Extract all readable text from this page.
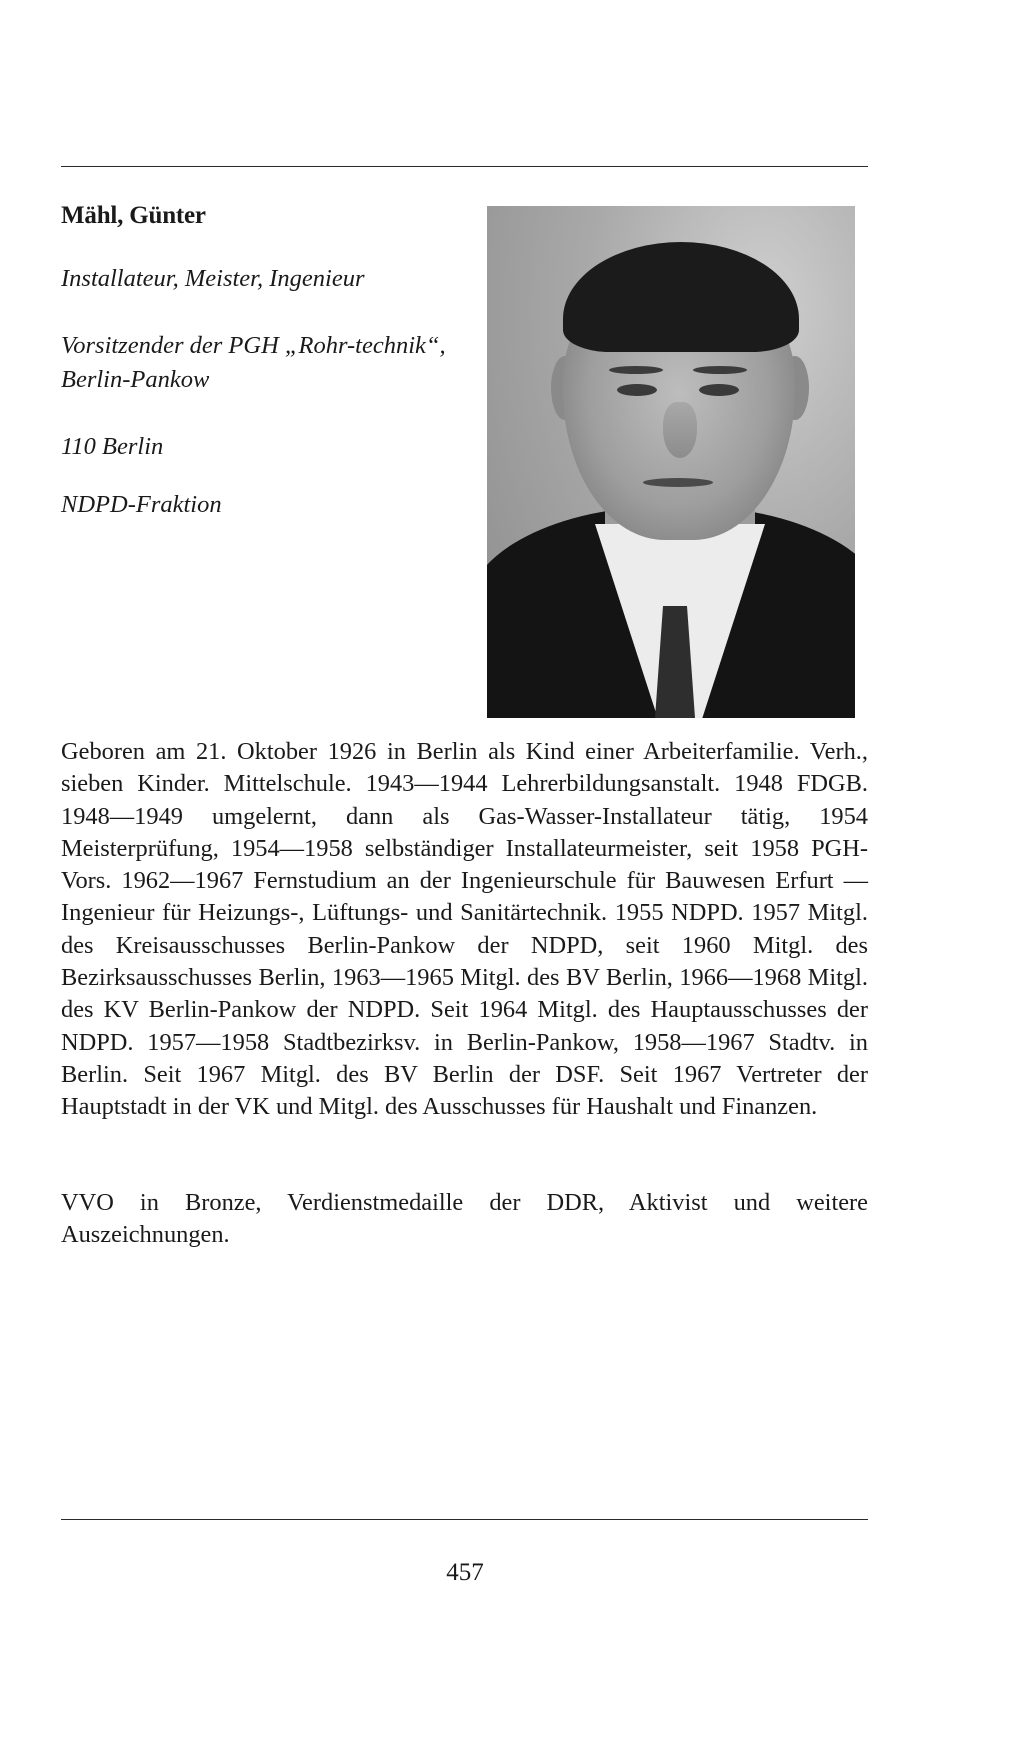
Mähl, Günter
Installateur, Meister, Ingenieur
Vorsitzender der PGH „Rohr-technik“, Berlin-Pankow
110 Berlin
NDPD-Fraktion

Geboren am 21. Oktober 1926 in Berlin als Kind einer Arbeiterfamilie. Verh., sieben Kinder. Mittelschule. 1943—1944 Lehrerbildungsanstalt. 1948 FDGB. 1948—1949 umgelernt, dann als Gas-Wasser-Installateur tätig, 1954 Meisterprüfung, 1954—1958 selbständiger Installateurmeister, seit 1958 PGH-Vors. 1962—1967 Fernstudium an der Ingenieurschule für Bauwesen Erfurt — Ingenieur für Heizungs-, Lüftungs- und Sanitärtechnik. 1955 NDPD. 1957 Mitgl. des Kreisausschusses Berlin-Pankow der NDPD, seit 1960 Mitgl. des Bezirksausschusses Berlin, 1963—1965 Mitgl. des BV Berlin, 1966—1968 Mitgl. des KV Berlin-Pankow der NDPD. Seit 1964 Mitgl. des Hauptausschusses der NDPD. 1957—1958 Stadtbezirksv. in Berlin-Pankow, 1958—1967 Stadtv. in Berlin. Seit 1967 Mitgl. des BV Berlin der DSF. Seit 1967 Vertreter der Hauptstadt in der VK und Mitgl. des Ausschusses für Haushalt und Finanzen.

VVO in Bronze, Verdienstmedaille der DDR, Aktivist und weitere Auszeichnungen.

457
